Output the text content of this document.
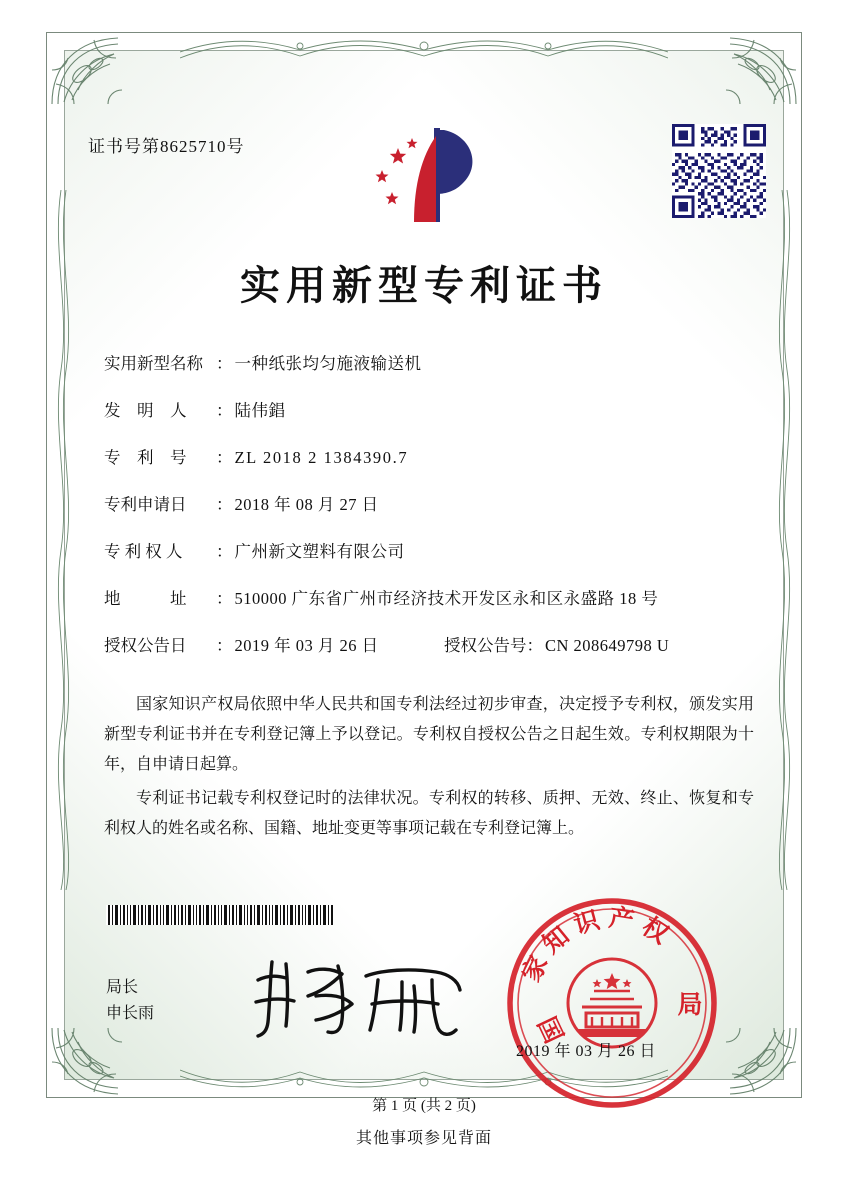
证书号第8625710号
实用新型专利证书
实用新型名称 ： 一种纸张均匀施液输送机
发　明　人 ： 陆伟錩
专　利　号 ： ZL 2018 2 1384390.7
专利申请日 ： 2018 年 08 月 27 日
专 利 权 人 ： 广州新文塑料有限公司
地　　　址 ： 510000 广东省广州市经济技术开发区永和区永盛路 18 号
授权公告日 ： 2019 年 03 月 26 日	授权公告号： CN 208649798 U

国家知识产权局依照中华人民共和国专利法经过初步审查，决定授予专利权，颁发实用新型专利证书并在专利登记簿上予以登记。专利权自授权公告之日起生效。专利权期限为十年，自申请日起算。

专利证书记载专利权登记时的法律状况。专利权的转移、质押、无效、终止、恢复和专利权人的姓名或名称、国籍、地址变更等事项记载在专利登记簿上。

局长
申长雨
家知识产权
国
局
2019 年 03 月 26 日
第 1 页 (共 2 页)
其他事项参见背面
